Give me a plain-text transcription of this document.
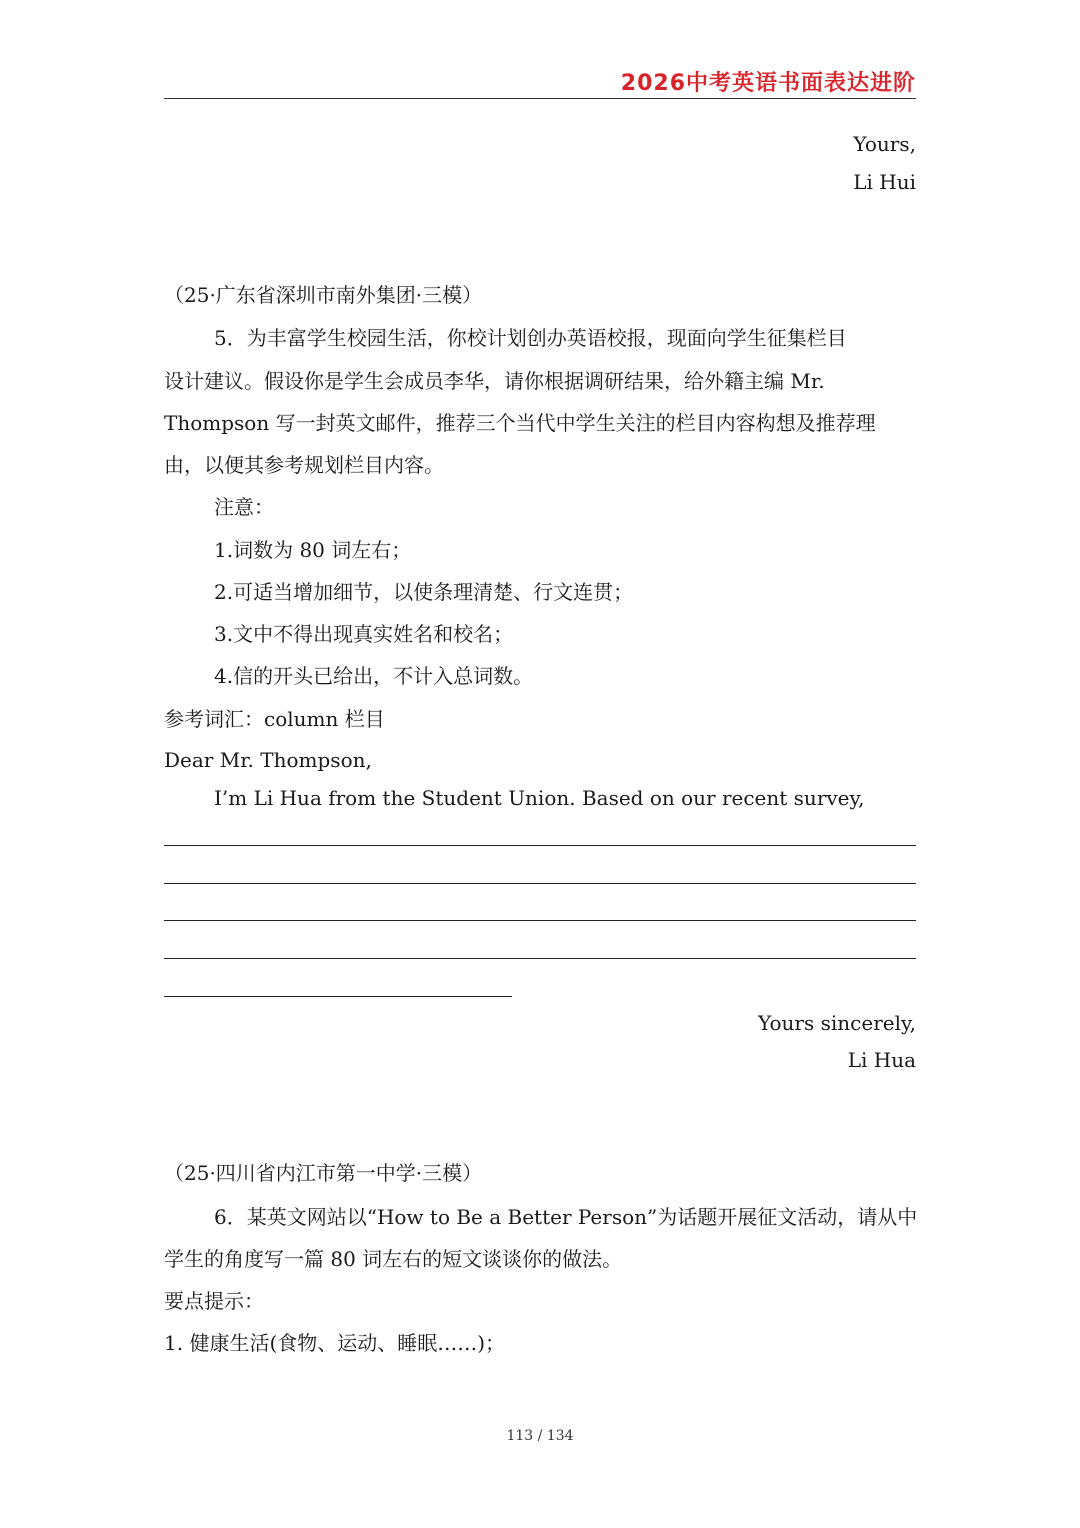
2026中考英语书面表达进阶
Yours,
Li Hui
（25·广东省深圳市南外集团·三模）
5．为丰富学生校园生活，你校计划创办英语校报，现面向学生征集栏目
设计建议。假设你是学生会成员李华，请你根据调研结果，给外籍主编 Mr.
Thompson 写一封英文邮件，推荐三个当代中学生关注的栏目内容构想及推荐理
由，以便其参考规划栏目内容。
注意：
1.词数为 80 词左右；
2.可适当增加细节，以使条理清楚、行文连贯；
3.文中不得出现真实姓名和校名；
4.信的开头已给出，不计入总词数。
参考词汇：column 栏目
Dear Mr. Thompson,
I’m Li Hua from the Student Union. Based on our recent survey,
Yours sincerely,
Li Hua
（25·四川省内江市第一中学·三模）
6．某英文网站以“How to Be a Better Person”为话题开展征文活动，请从中
学生的角度写一篇 80 词左右的短文谈谈你的做法。
要点提示：
1. 健康生活(食物、运动、睡眠……)；
113 / 134
